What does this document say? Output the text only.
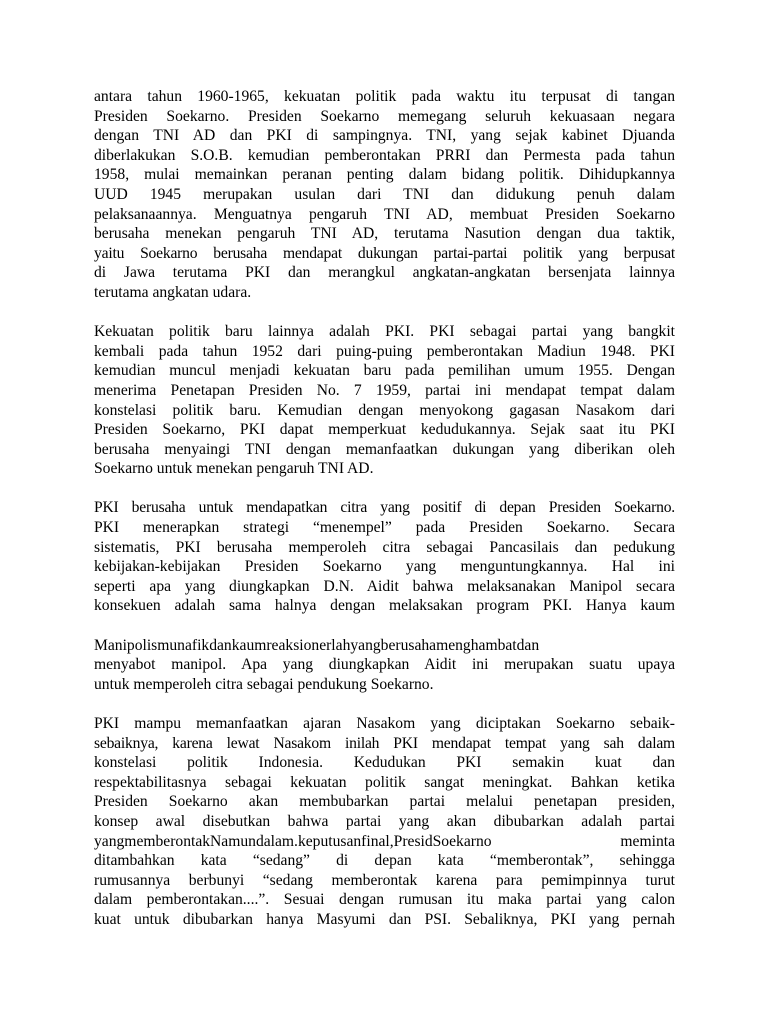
antara tahun 1960-1965, kekuatan politik pada waktu itu terpusat di tangan
Presiden Soekarno. Presiden Soekarno memegang seluruh kekuasaan negara
dengan TNI AD dan PKI di sampingnya. TNI, yang sejak kabinet Djuanda
diberlakukan S.O.B. kemudian pemberontakan PRRI dan Permesta pada tahun
1958, mulai memainkan peranan penting dalam bidang politik. Dihidupkannya
UUD 1945 merupakan usulan dari TNI dan didukung penuh dalam
pelaksanaannya. Menguatnya pengaruh TNI AD, membuat Presiden Soekarno
berusaha menekan pengaruh TNI AD, terutama Nasution dengan dua taktik,
yaitu Soekarno berusaha mendapat dukungan partai-partai politik yang berpusat
di Jawa terutama PKI dan merangkul angkatan-angkatan bersenjata lainnya
terutama angkatan udara.
Kekuatan politik baru lainnya adalah PKI. PKI sebagai partai yang bangkit
kembali pada tahun 1952 dari puing-puing pemberontakan Madiun 1948. PKI
kemudian muncul menjadi kekuatan baru pada pemilihan umum 1955. Dengan
menerima Penetapan Presiden No. 7 1959, partai ini mendapat tempat dalam
konstelasi politik baru. Kemudian dengan menyokong gagasan Nasakom dari
Presiden Soekarno, PKI dapat memperkuat kedudukannya. Sejak saat itu PKI
berusaha menyaingi TNI dengan memanfaatkan dukungan yang diberikan oleh
Soekarno untuk menekan pengaruh TNI AD.
PKI berusaha untuk mendapatkan citra yang positif di depan Presiden Soekarno.
PKI menerapkan strategi “menempel” pada Presiden Soekarno. Secara
sistematis, PKI berusaha memperoleh citra sebagai Pancasilais dan pedukung
kebijakan-kebijakan Presiden Soekarno yang menguntungkannya. Hal ini
seperti apa yang diungkapkan D.N. Aidit bahwa melaksanakan Manipol secara
konsekuen adalah sama halnya dengan melaksakan program PKI. Hanya kaum
Manipolismunafikdankaumreaksionerlahyangberusahamenghambatdan
menyabot manipol. Apa yang diungkapkan Aidit ini merupakan suatu upaya
untuk memperoleh citra sebagai pendukung Soekarno.
PKI mampu memanfaatkan ajaran Nasakom yang diciptakan Soekarno sebaik-
sebaiknya, karena lewat Nasakom inilah PKI mendapat tempat yang sah dalam
konstelasi politik Indonesia. Kedudukan PKI semakin kuat dan
respektabilitasnya sebagai kekuatan politik sangat meningkat. Bahkan ketika
Presiden Soekarno akan membubarkan partai melalui penetapan presiden,
konsep awal disebutkan bahwa partai yang akan dibubarkan adalah partai
yangmemberontakNamundalam.keputusanfinal,PresidSoekarno meminta
ditambahkan kata “sedang” di depan kata “memberontak”, sehingga
rumusannya berbunyi “sedang memberontak karena para pemimpinnya turut
dalam pemberontakan....”. Sesuai dengan rumusan itu maka partai yang calon
kuat untuk dibubarkan hanya Masyumi dan PSI. Sebaliknya, PKI yang pernah
